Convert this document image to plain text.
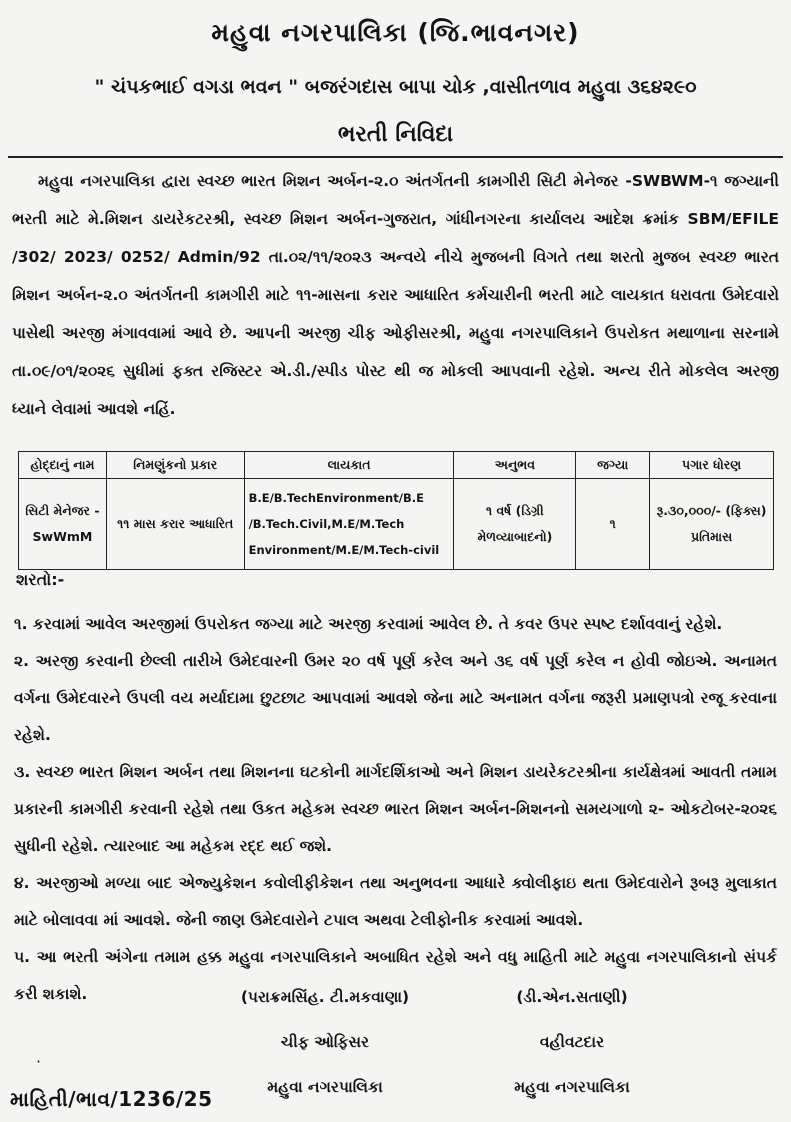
મહુવા નગરપાલિકા (જિ.ભાવનગર)
" ચંપકભાઈ વગડા ભવન " બજરંગદાસ બાપા ચોક ,વાસીતળાવ મહુવા ૩૬૪૨૯૦
ભરતી નિવિદા
મહુવા નગરપાલિકા દ્વારા સ્વચ્છ ભારત મિશન અર્બન-૨.૦ અંતર્ગતની કામગીરી સિટી મેનેજર -SWBWM-૧ જગ્યાની ભરતી માટે મે.મિશન ડાયરેકટરશ્રી, સ્વચ્છ મિશન અર્બન-ગુજરાત, ગાંધીનગરના કાર્યાલય આદેશ ક્રમાંક SBM/EFILE /302/ 2023/ 0252/ Admin/92 તા.૦૨/૧૧/૨૦૨૩ અન્વયે નીચે મુજબની વિગતે તથા શરતો મુજબ સ્વચ્છ ભારત મિશન અર્બન-૨.૦ અંતર્ગતની કામગીરી માટે ૧૧-માસના કરાર આધારિત કર્મચારીની ભરતી માટે લાયકાત ધરાવતા ઉમેદવારો પાસેથી અરજી મંગાવવામાં આવે છે. આપની અરજી ચીફ ઓફીસરશ્રી, મહુવા નગરપાલિકાને ઉપરોકત મથાળાના સરનામે તા.૦૯/૦૧/૨૦૨૬ સુધીમાં ફક્ત રજિસ્ટર એ.ડી./સ્પીડ પોસ્ટ થી જ મોકલી આપવાની રહેશે. અન્ય રીતે મોકલેલ અરજી ધ્યાને લેવામાં આવશે નહિં.
હોદ્દાનું નામ	નિમણુંકનો પ્રકાર	લાયકાત	અનુભવ	જગ્યા	પગાર ધોરણ
સિટી મેનેજર - SwWmM	૧૧ માસ કરાર આધારિત	B.E/B.TechEnvironment/B.E /B.Tech.Civil,M.E/M.Tech Environment/M.E/M.Tech-civil	૧ વર્ષ (ડિગ્રી મેળવ્યાબાદનો)	૧	રૂ.૩૦,૦૦૦/- (ફિક્સ) પ્રતિમાસ
શરતો:-
૧. કરવામાં આવેલ અરજીમાં ઉપરોકત જગ્યા માટે અરજી કરવામાં આવેલ છે. તે કવર ઉપર સ્પષ્ટ દર્શાવવાનું રહેશે.
૨. અરજી કરવાની છેલ્લી તારીખે ઉમેદવારની ઉમર ૨૦ વર્ષ પૂર્ણ કરેલ અને ૩૬ વર્ષ પૂર્ણ કરેલ ન હોવી જોઇએ. અનામત વર્ગના ઉમેદવારને ઉપલી વય મર્યાદામા છુટછાટ આપવામાં આવશે જેના માટે અનામત વર્ગના જરૂરી પ્રમાણપત્રો રજૂ કરવાના રહેશે.
૩. સ્વચ્છ ભારત મિશન અર્બન તથા મિશનના ઘટકોની માર્ગદર્શિકાઓ અને મિશન ડાયરેકટરશ્રીના કાર્યક્ષેત્રમાં આવતી તમામ પ્રકારની કામગીરી કરવાની રહેશે તથા ઉકત મહેકમ સ્વચ્છ ભારત મિશન અર્બન-મિશનનો સમયગાળો ૨- ઓકટોબર-૨૦૨૬ સુધીની રહેશે. ત્યારબાદ આ મહેકમ રદ્દ થઈ જશે.
૪. અરજીઓ મળ્યા બાદ એજ્યુકેશન કવોલીફીકેશન તથા અનુભવના આધારે ક્વોલીફાઇ થતા ઉમેદવારોને રૂબરૂ મુલાકાત માટે બોલાવવા માં આવશે. જેની જાણ ઉમેદવારોને ટપાલ અથવા ટેલીફોનીક કરવામાં આવશે.
૫. આ ભરતી અંગેના તમામ હક્ક મહુવા નગરપાલિકાને અબાધિત રહેશે અને વધુ માહિતી માટે મહુવા નગરપાલિકાનો સંપર્ક કરી શકાશે.	(પરાક્રમસિંહ. ટી.મકવાણા)
ચીફ ઓફિસર
મહુવા નગરપાલિકા
(ડી.એન.સતાણી)
વહીવટદાર
મહુવા નગરપાલિકા
·
માહિતી/ભાવ/1236/25
